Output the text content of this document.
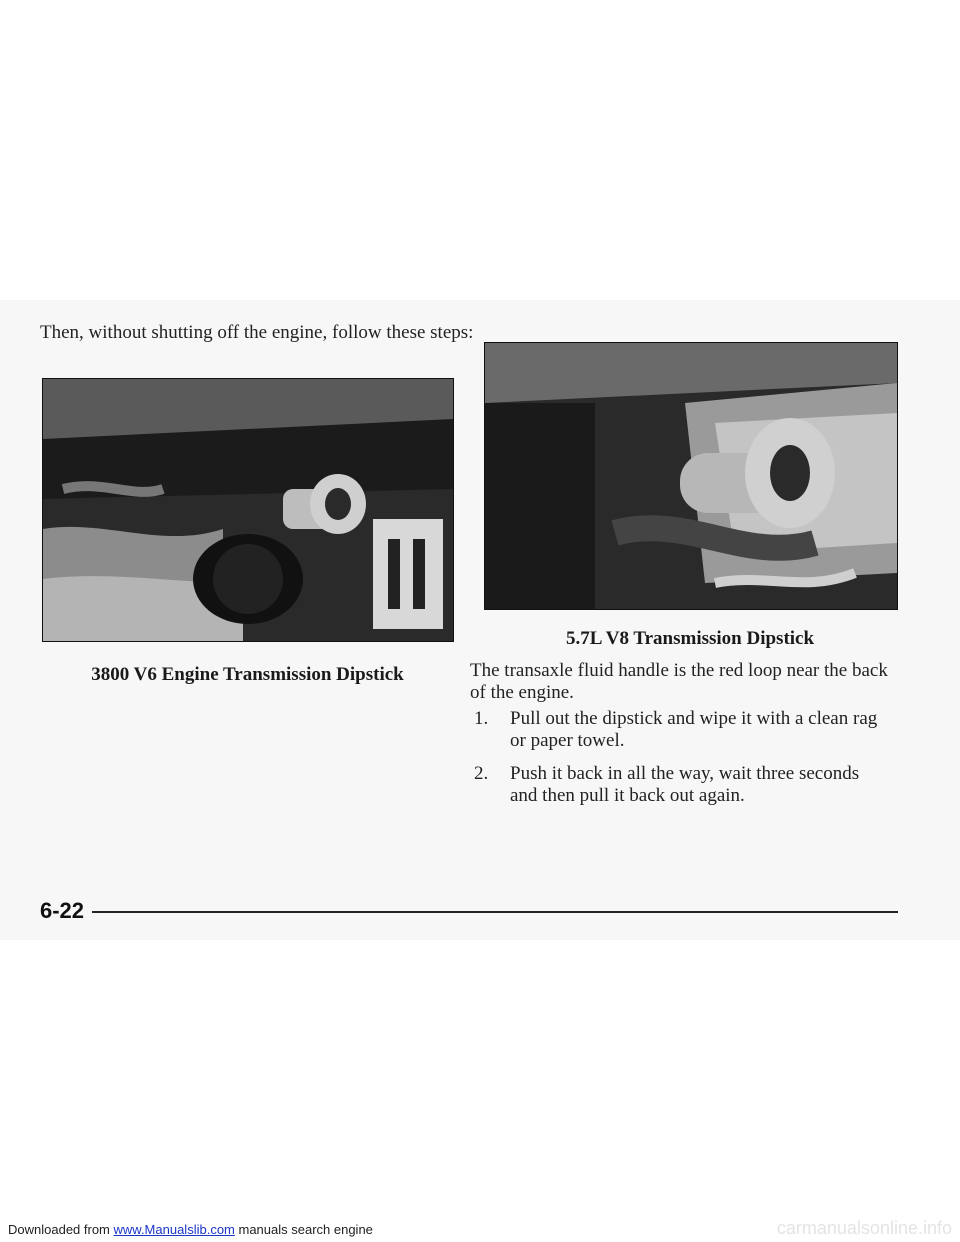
Then, without shutting off the engine, follow these steps:
3800 V6 Engine Transmission Dipstick
5.7L V8 Transmission Dipstick
The transaxle fluid handle is the red loop near the back of the engine.
1.	Pull out the dipstick and wipe it with a clean rag or paper towel.
2.	Push it back in all the way, wait three seconds and then pull it back out again.
6-22
Downloaded from www.Manualslib.com manuals search engine	carmanualsonline.info
